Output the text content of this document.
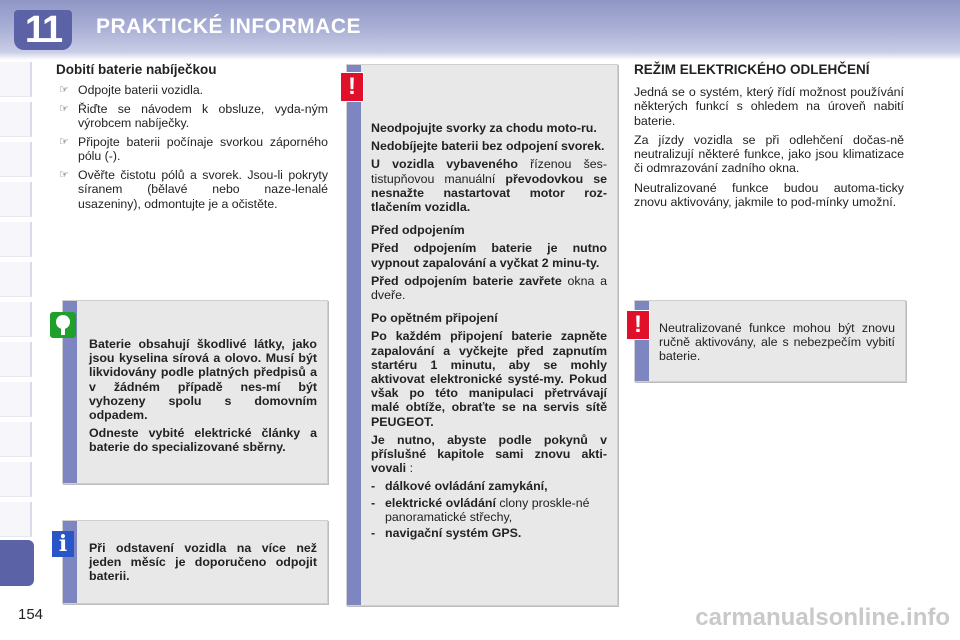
11	PRAKTICKÉ INFORMACE
Dobití baterie nabíječkou
☞ Odpojte baterii vozidla.
☞ Řiďte se návodem k obsluze, vyda-ným výrobcem nabíječky.
☞ Připojte baterii počínaje svorkou záporného pólu (-).
☞ Ověřte čistotu pólů a svorek. Jsou-li pokryty síranem (bělavé nebo naze-lenalé usazeniny), odmontujte je a očistěte.

Baterie obsahují škodlivé látky, jako jsou kyselina sírová a olovo. Musí být likvidovány podle platných předpisů a v žádném případě nes-mí být vyhozeny spolu s domovním odpadem.

Odneste vybité elektrické články a baterie do specializované sběrny.

Při odstavení vozidla na více než jeden měsíc je doporučeno odpojit baterii.

i

Neodpojujte svorky za chodu moto-ru.

Nedobíjejte baterii bez odpojení svorek.

U vozidla vybaveného řízenou šes-tistupňovou manuální převodovkou se nesnažte nastartovat motor roz-tlačením vozidla.

Před odpojením

Před odpojením baterie je nutno vypnout zapalování a vyčkat 2 minu-ty.

Před odpojením baterie zavřete okna a dveře.

Po opětném připojení

Po každém připojení baterie zapněte zapalování a vyčkejte před zapnutím startéru 1 minutu, aby se mohly aktivovat elektronické systé-my. Pokud však po této manipulaci přetrvávají malé obtíže, obraťte se na servis sítě PEUGEOT.

Je nutno, abyste podle pokynů v příslušné kapitole sami znovu akti-vovali :

- dálkové ovládání zamykání,
- elektrické ovládání clony proskle-né panoramatické střechy,
- navigační systém GPS.
!
REŽIM ELEKTRICKÉHO ODLEHČENÍ

Jedná se o systém, který řídí možnost používání některých funkcí s ohledem na úroveň nabití baterie.

Za jízdy vozidla se při odlehčení dočas-ně neutralizují některé funkce, jako jsou klimatizace či odmrazování zadního okna.

Neutralizované funkce budou automa-ticky znovu aktivovány, jakmile to pod-mínky umožní.

Neutralizované funkce mohou být znovu ručně aktivovány, ale s nebezpečím vybití baterie.

!
154	carmanualsonline.info
